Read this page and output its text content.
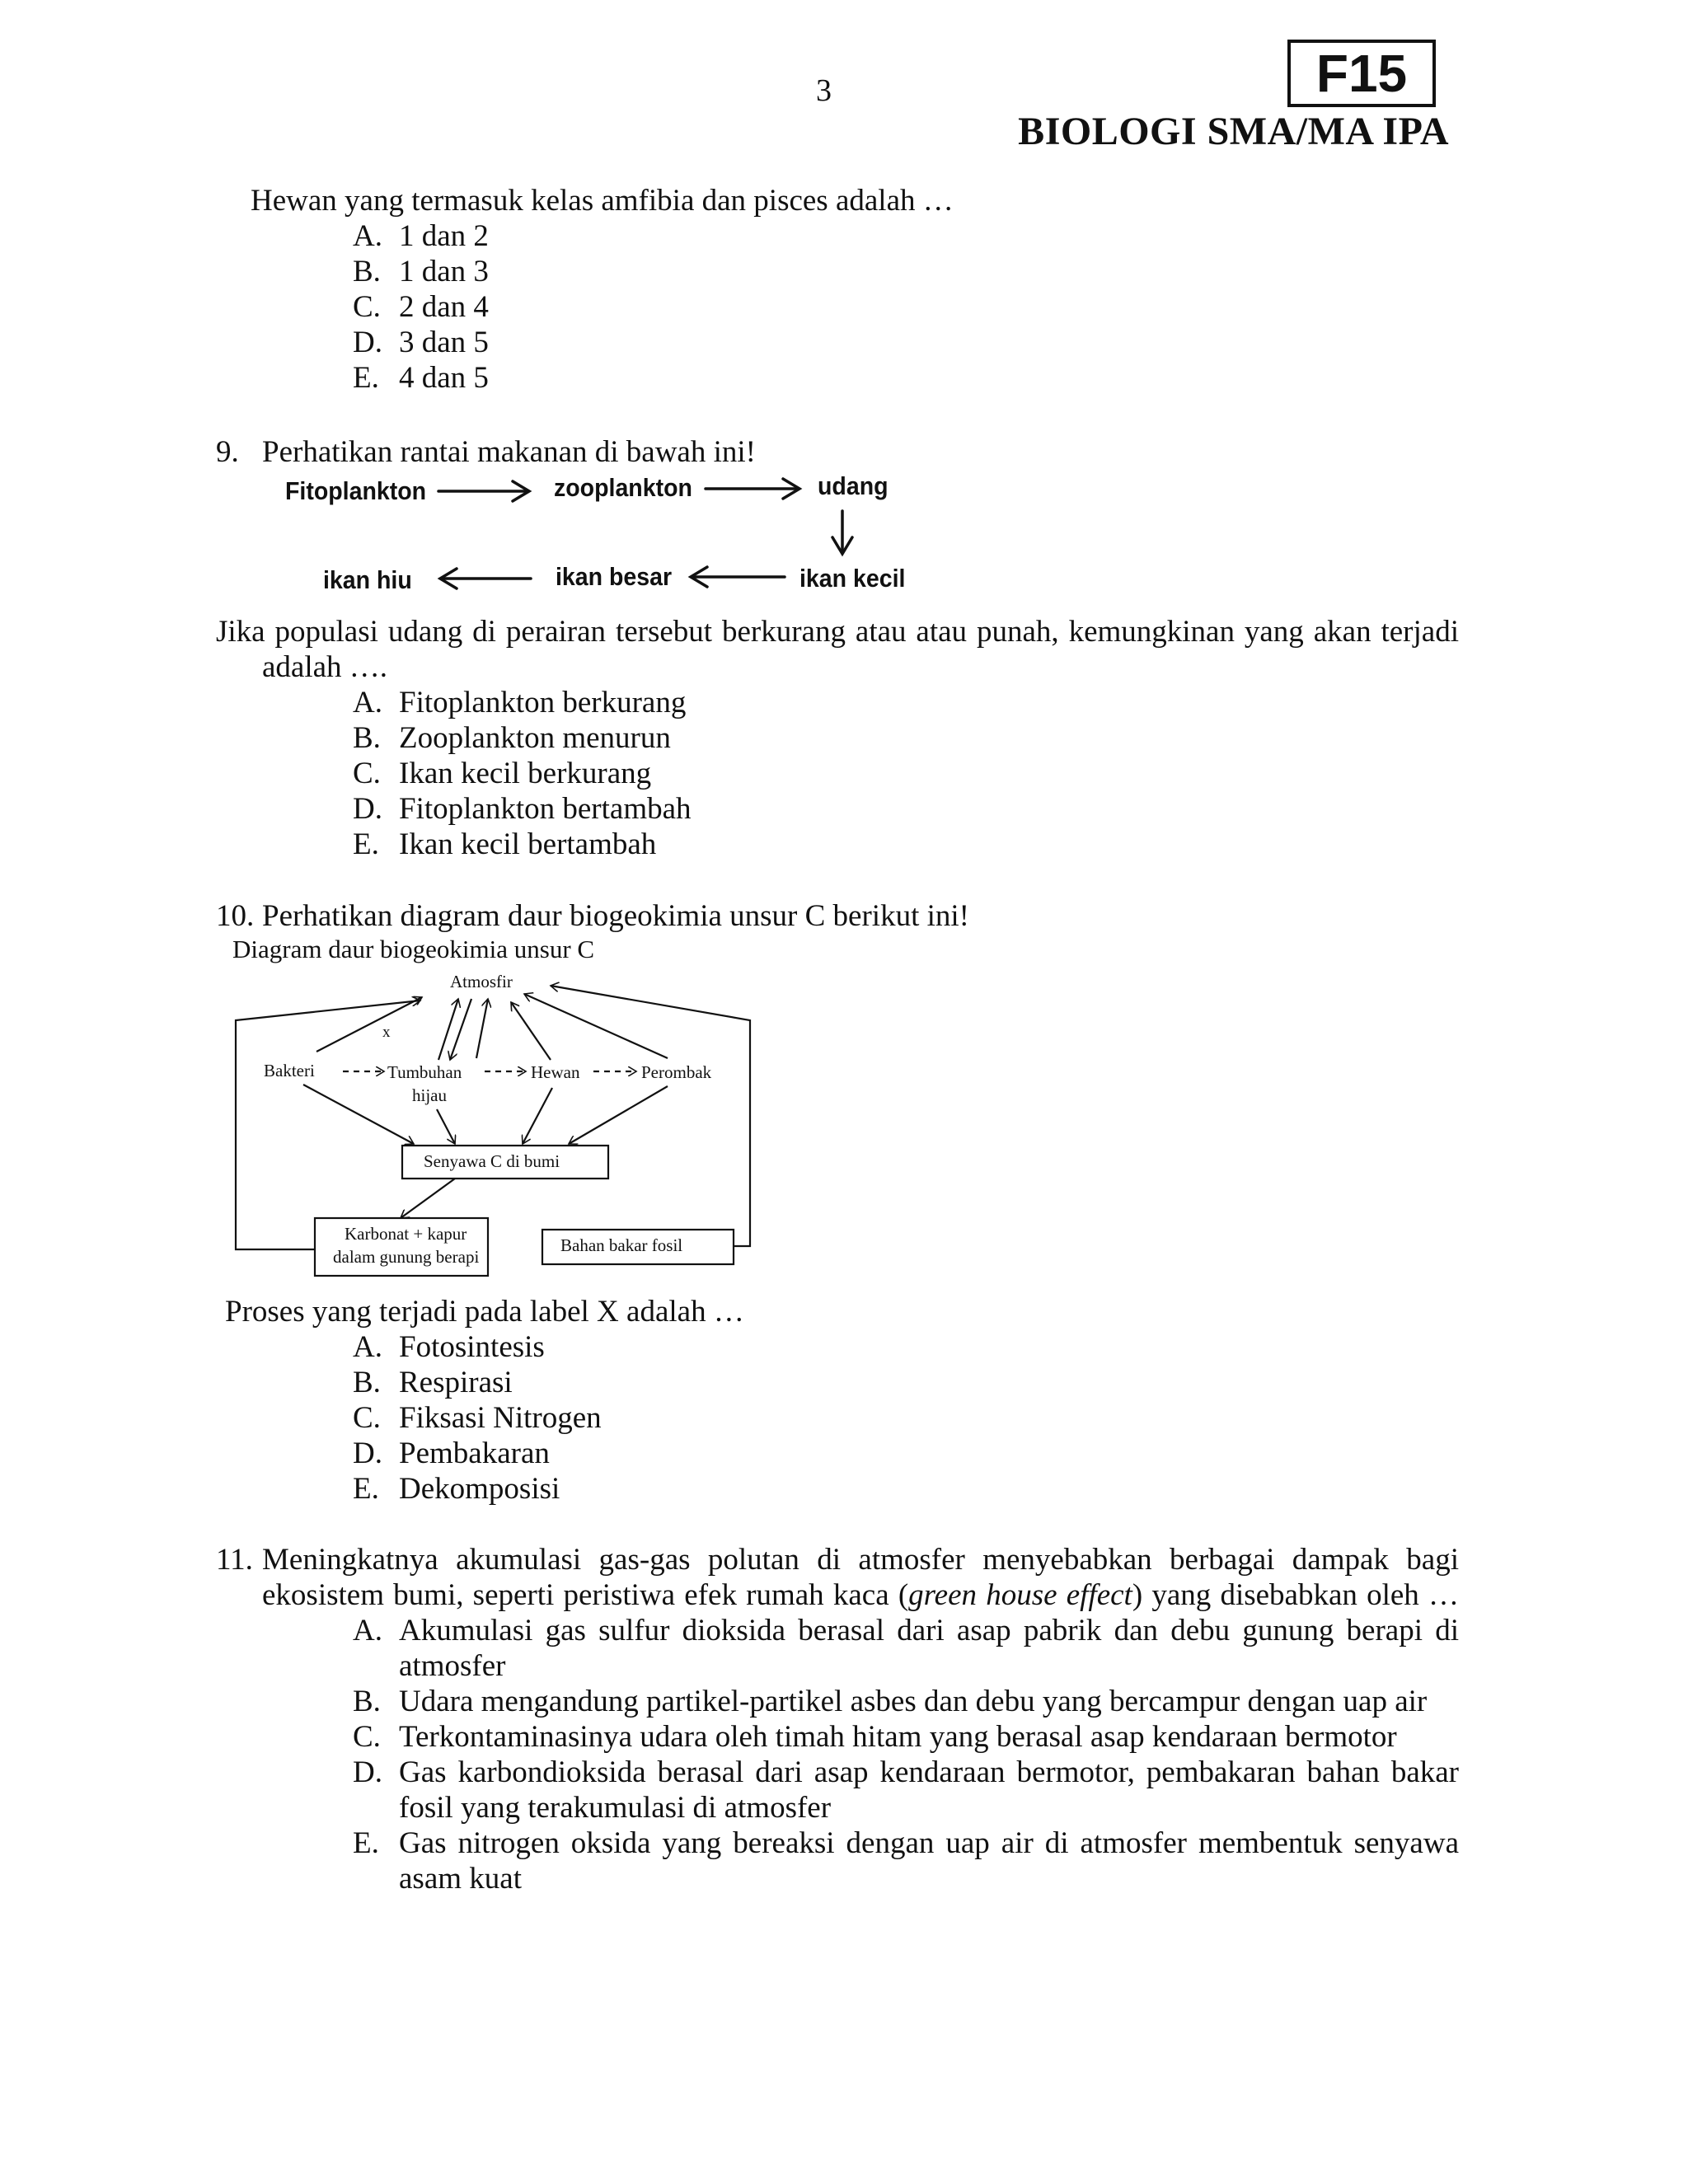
3	F15
BIOLOGI SMA/MA IPA
Hewan yang termasuk kelas amfibia dan pisces adalah …
A. 1 dan 2
B. 1 dan 3
C. 2 dan 4
D. 3 dan 5
E. 4 dan 5
9. Perhatikan rantai makanan di bawah ini!
Fitoplankton	zooplankton	udang
ikan kecil
ikan besar
ikan hiu
Jika populasi udang di perairan tersebut berkurang atau atau punah, kemungkinan yang akan terjadi
adalah ….
A. Fitoplankton berkurang
B. Zooplankton menurun
C. Ikan kecil berkurang
D. Fitoplankton bertambah
E. Ikan kecil bertambah
10. Perhatikan diagram daur biogeokimia unsur C berikut ini!
Diagram daur biogeokimia unsur C
Atmosfir
x
Bakteri	Tumbuhan
hijau
Hewan	Perombak
Senyawa C di bumi
Karbonat + kapur
dalam gunung berapi
Bahan bakar fosil
Proses yang terjadi pada label X adalah …
A. Fotosintesis
B. Respirasi
C. Fiksasi Nitrogen
D. Pembakaran
E. Dekomposisi
11. Meningkatnya akumulasi gas-gas polutan di atmosfer menyebabkan berbagai dampak bagi
ekosistem bumi, seperti peristiwa efek rumah kaca (green house effect) yang disebabkan oleh …
A. Akumulasi gas sulfur dioksida berasal dari asap pabrik dan debu gunung berapi di atmosfer
B. Udara mengandung partikel-partikel asbes dan debu yang bercampur dengan uap air
C. Terkontaminasinya udara oleh timah hitam yang berasal asap kendaraan bermotor
D. Gas karbondioksida berasal dari asap kendaraan bermotor, pembakaran bahan bakar fosil yang terakumulasi di atmosfer
E. Gas nitrogen oksida yang bereaksi dengan uap air di atmosfer membentuk senyawa asam kuat
